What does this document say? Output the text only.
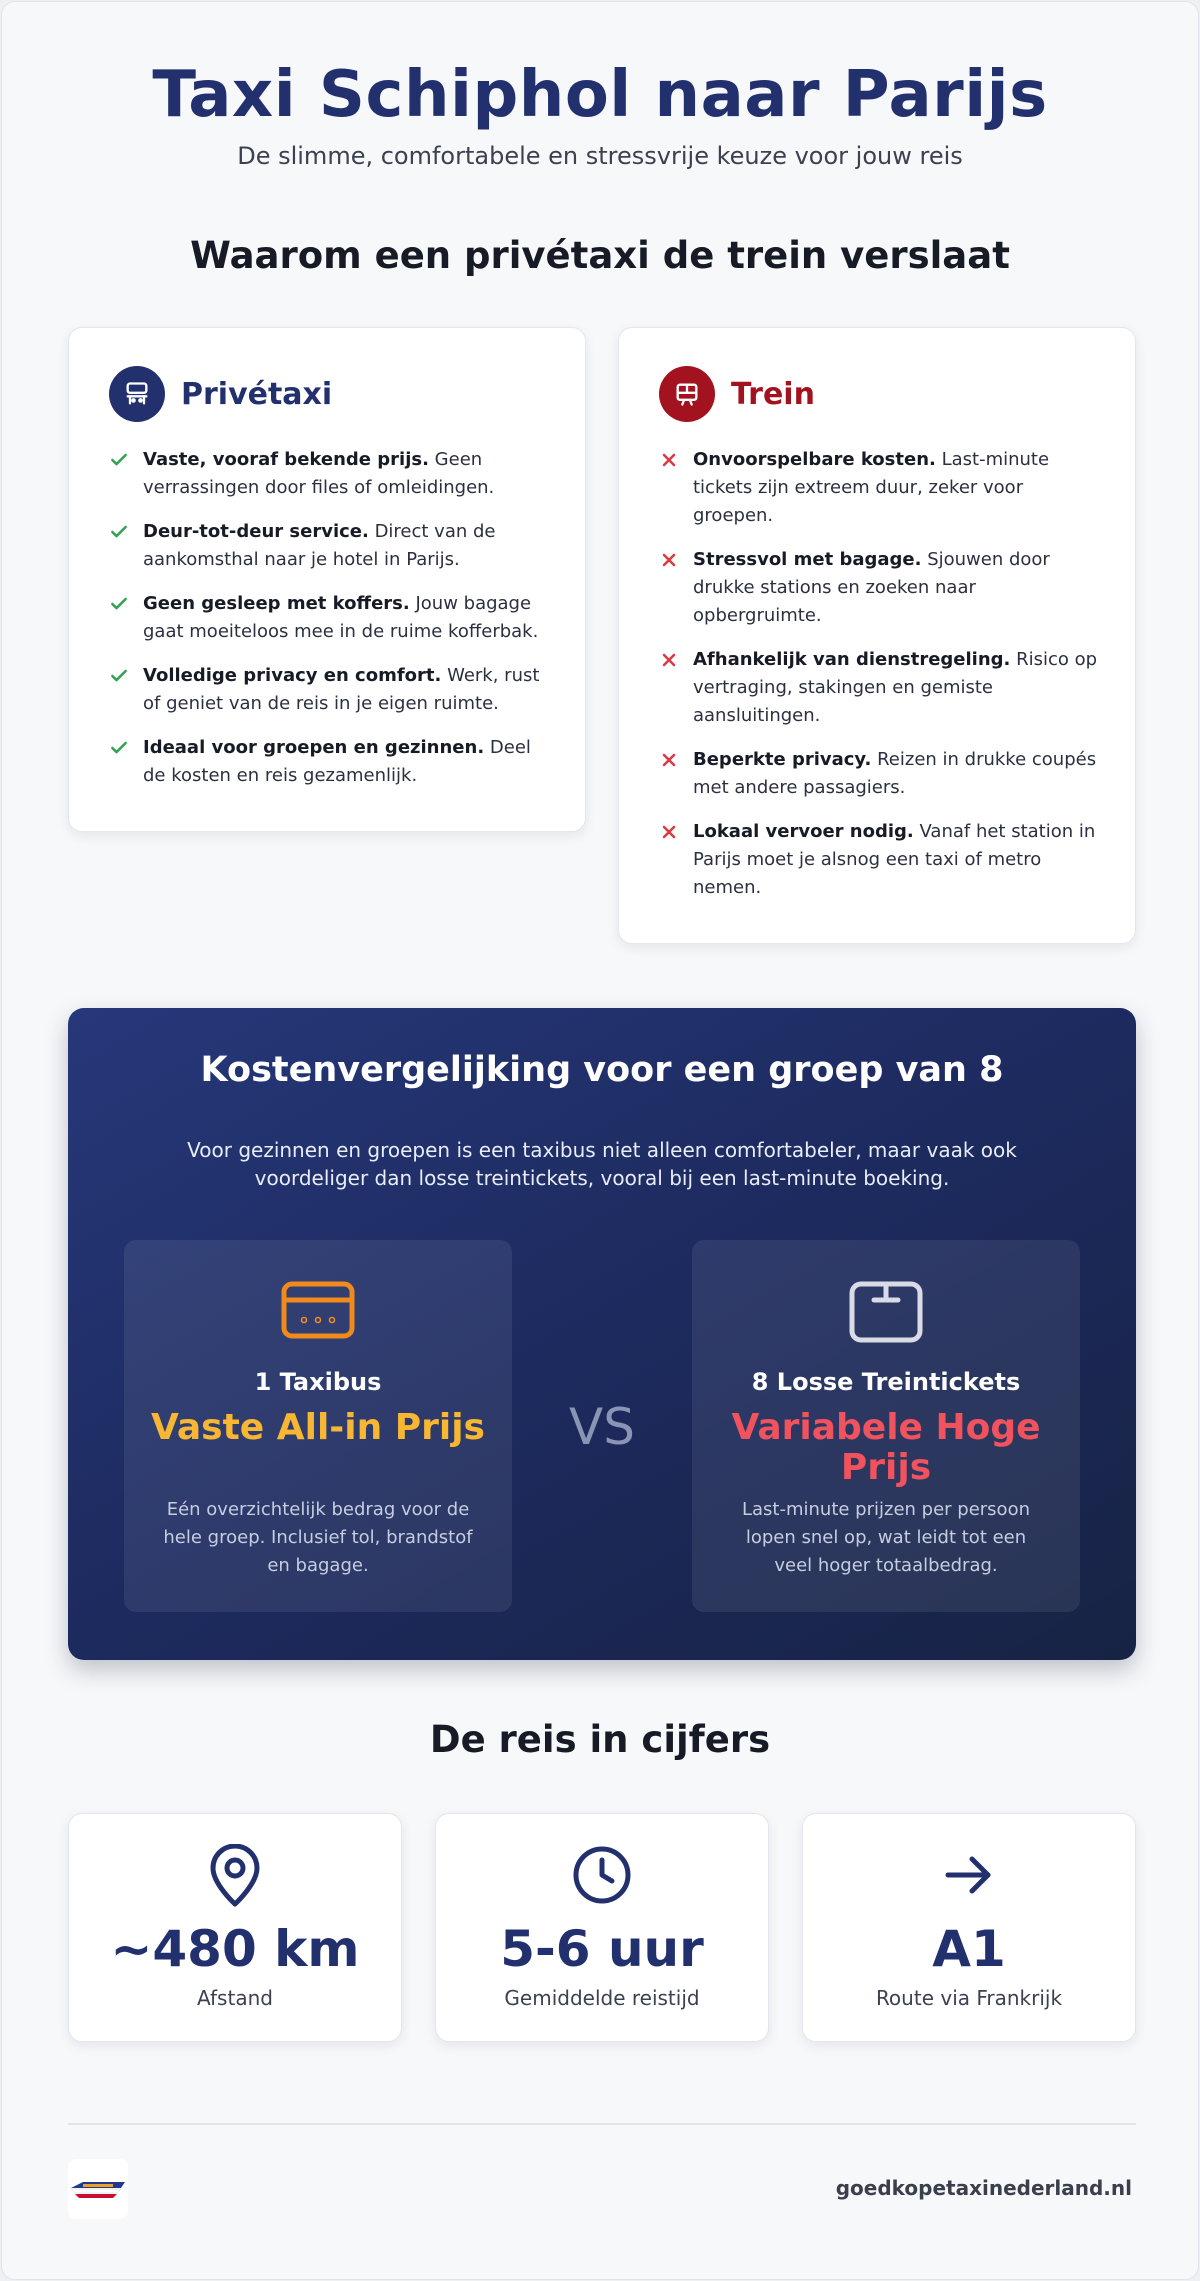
Taxi Schiphol naar Parijs

De slimme, comfortabele en stressvrije keuze voor jouw reis

Waarom een privétaxi de trein verslaat
Privétaxi
Vaste, vooraf bekende prijs. Geen verrassingen door files of omleidingen.
Deur-tot-deur service. Direct van de aankomsthal naar je hotel in Parijs.
Geen gesleep met koffers. Jouw bagage gaat moeiteloos mee in de ruime kofferbak.
Volledige privacy en comfort. Werk, rust of geniet van de reis in je eigen ruimte.
Ideaal voor groepen en gezinnen. Deel de kosten en reis gezamenlijk.
Trein
Onvoorspelbare kosten. Last-minute tickets zijn extreem duur, zeker voor groepen.
Stressvol met bagage. Sjouwen door drukke stations en zoeken naar opbergruimte.
Afhankelijk van dienstregeling. Risico op vertraging, stakingen en gemiste aansluitingen.
Beperkte privacy. Reizen in drukke coupés met andere passagiers.
Lokaal vervoer nodig. Vanaf het station in Parijs moet je alsnog een taxi of metro nemen.
Kostenvergelijking voor een groep van 8

Voor gezinnen en groepen is een taxibus niet alleen comfortabeler, maar vaak ook voordeliger dan losse treintickets, vooral bij een last-minute boeking.

1 Taxibus
Vaste All-in Prijs
Eén overzichtelijk bedrag voor de hele groep. Inclusief tol, brandstof en bagage.
VS
8 Losse Treintickets
Variabele Hoge Prijs
Last-minute prijzen per persoon lopen snel op, wat leidt tot een veel hoger totaalbedrag.
De reis in cijfers
~480 km
Afstand
5-6 uur
Gemiddelde reistijd
A1
Route via Frankrijk
goedkopetaxinederland.nl
